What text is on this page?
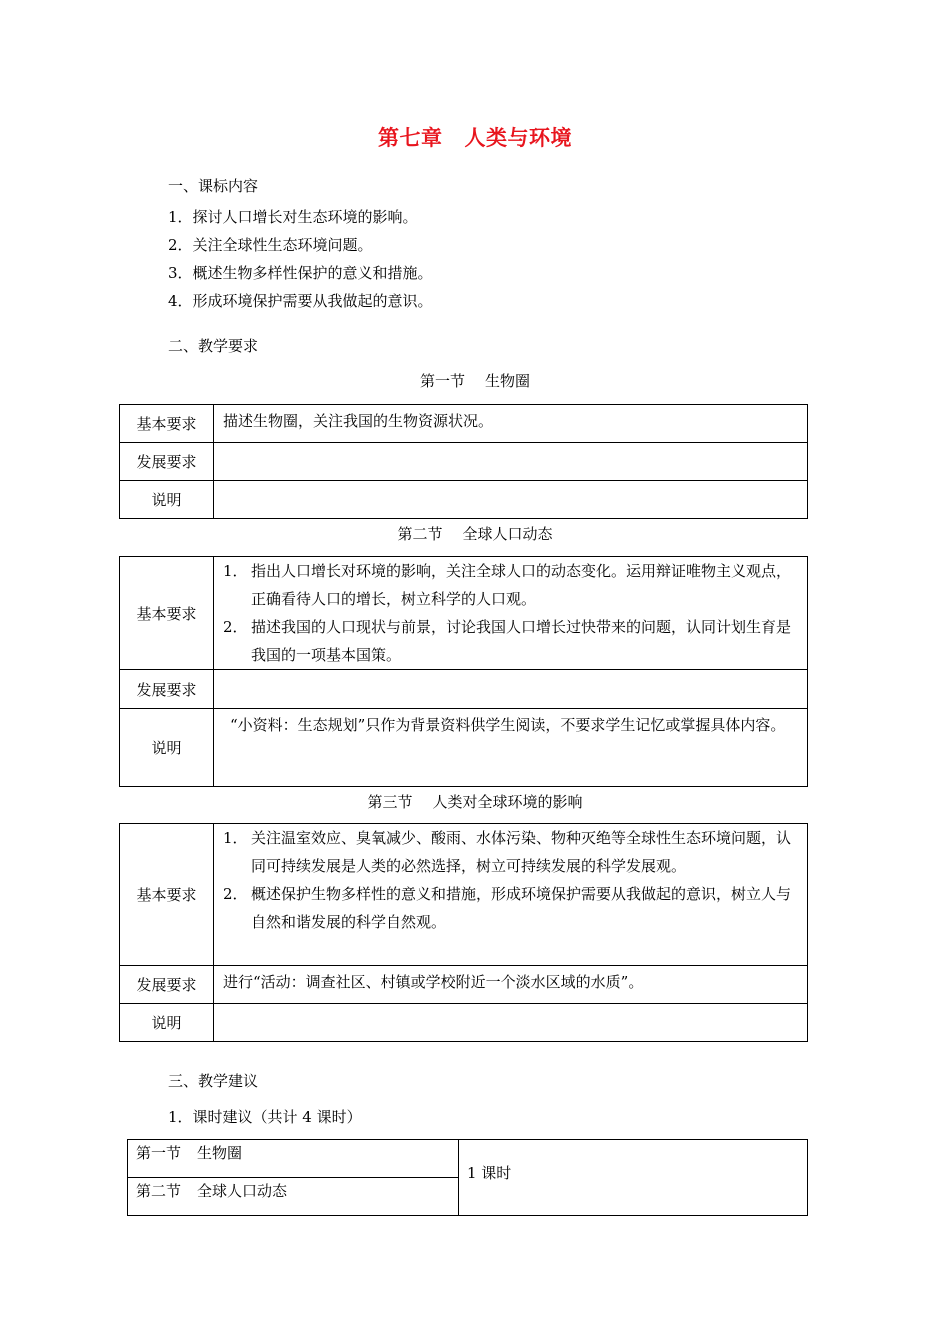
第七章 人类与环境
一、课标内容
1．探讨人口增长对生态环境的影响。
2．关注全球性生态环境问题。
3．概述生物多样性保护的意义和措施。
4．形成环境保护需要从我做起的意识。
二、教学要求
第一节 生物圈
基本要求	描述生物圈，关注我国的生物资源状况。

发展要求	
说明	
第二节 全球人口动态
基本要求	1． 指出人口增长对环境的影响，关注全球人口的动态变化。运用辩证唯物主义观点，正确看待人口的增长，树立科学的人口观。
2． 描述我国的人口现状与前景，讨论我国人口增长过快带来的问题，认同计划生育是我国的一项基本国策。

发展要求	
说明	“小资料：生态规划”只作为背景资料供学生阅读，不要求学生记忆或掌握具体内容。
第三节 人类对全球环境的影响
基本要求	1． 关注温室效应、臭氧减少、酸雨、水体污染、物种灭绝等全球性生态环境问题，认同可持续发展是人类的必然选择，树立可持续发展的科学发展观。
2． 概述保护生物多样性的意义和措施，形成环境保护需要从我做起的意识，树立人与自然和谐发展的科学自然观。

发展要求	进行“活动：调查社区、村镇或学校附近一个淡水区域的水质”。

说明	
三、教学建议
1．课时建议（共计 4 课时）
第一节 生物圈	1 课时
第二节 全球人口动态
